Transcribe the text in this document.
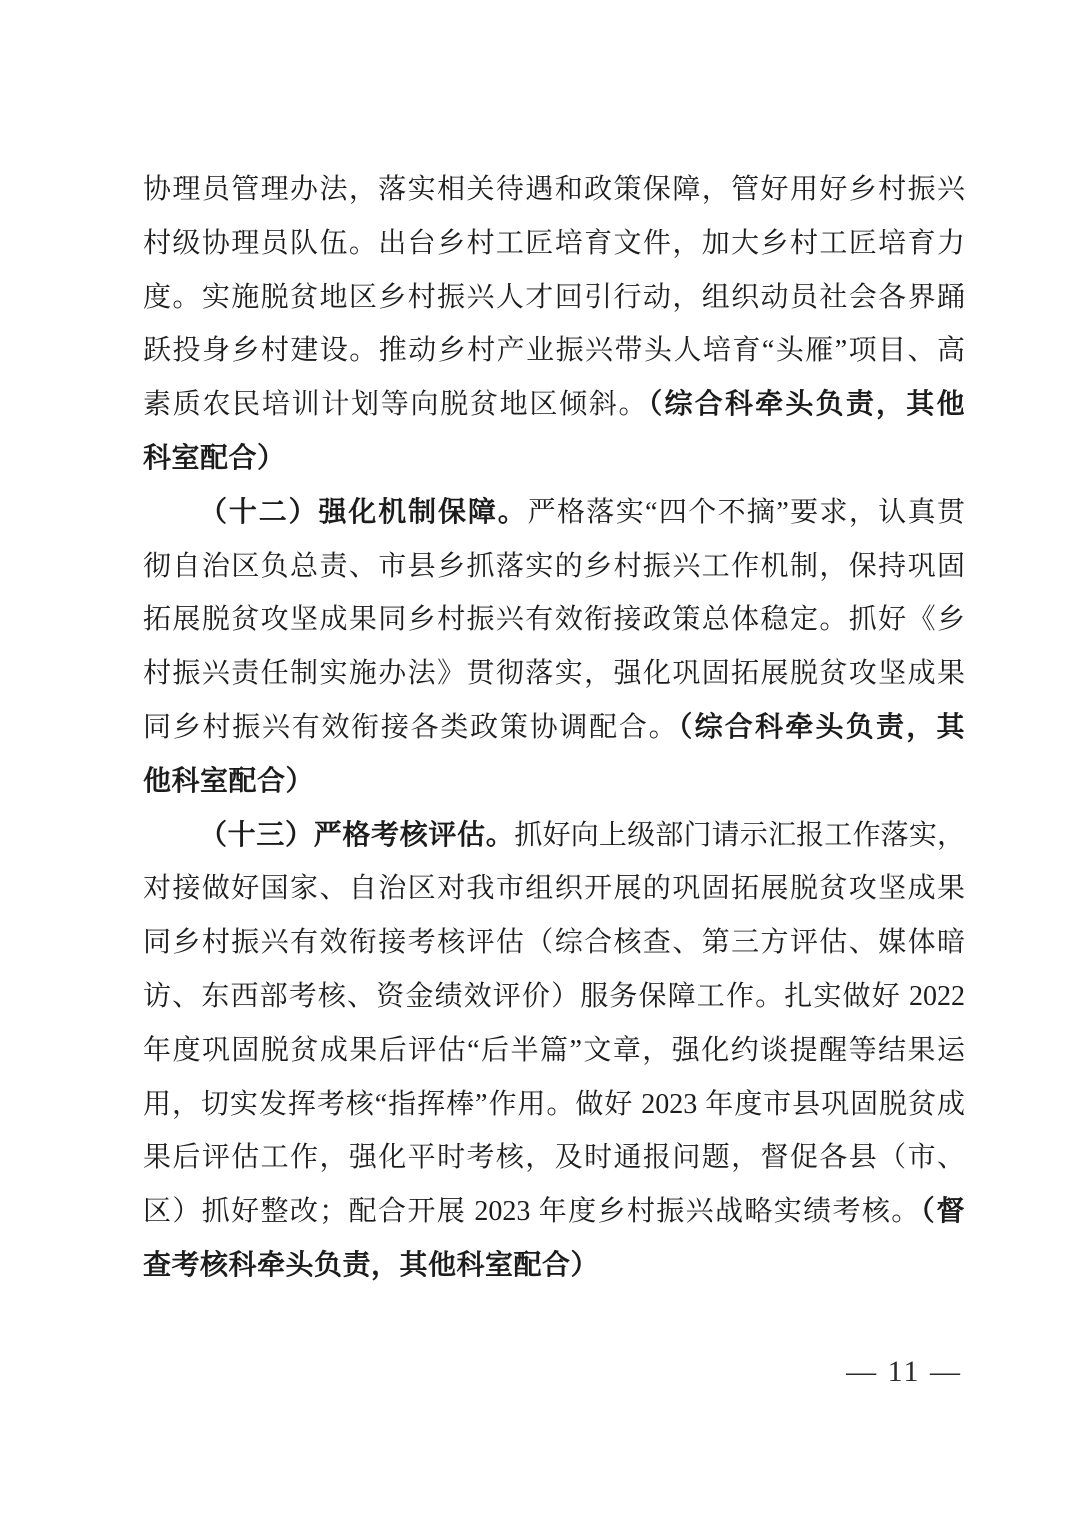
协理员管理办法，落实相关待遇和政策保障，管好用好乡村振兴
村级协理员队伍。出台乡村工匠培育文件，加大乡村工匠培育力
度。实施脱贫地区乡村振兴人才回引行动，组织动员社会各界踊
跃投身乡村建设。推动乡村产业振兴带头人培育“头雁”项目、高
素质农民培训计划等向脱贫地区倾斜。（综合科牵头负责，其他
科室配合）
（十二）强化机制保障。严格落实“四个不摘”要求，认真贯
彻自治区负总责、市县乡抓落实的乡村振兴工作机制，保持巩固
拓展脱贫攻坚成果同乡村振兴有效衔接政策总体稳定。抓好《乡
村振兴责任制实施办法》贯彻落实，强化巩固拓展脱贫攻坚成果
同乡村振兴有效衔接各类政策协调配合。（综合科牵头负责，其
他科室配合）
（十三）严格考核评估。抓好向上级部门请示汇报工作落实，
对接做好国家、自治区对我市组织开展的巩固拓展脱贫攻坚成果
同乡村振兴有效衔接考核评估（综合核查、第三方评估、媒体暗
访、东西部考核、资金绩效评价）服务保障工作。扎实做好 2022
年度巩固脱贫成果后评估“后半篇”文章，强化约谈提醒等结果运
用，切实发挥考核“指挥棒”作用。做好 2023 年度市县巩固脱贫成
果后评估工作，强化平时考核，及时通报问题，督促各县（市、
区）抓好整改；配合开展 2023 年度乡村振兴战略实绩考核。（督
查考核科牵头负责，其他科室配合）
— 11 —
